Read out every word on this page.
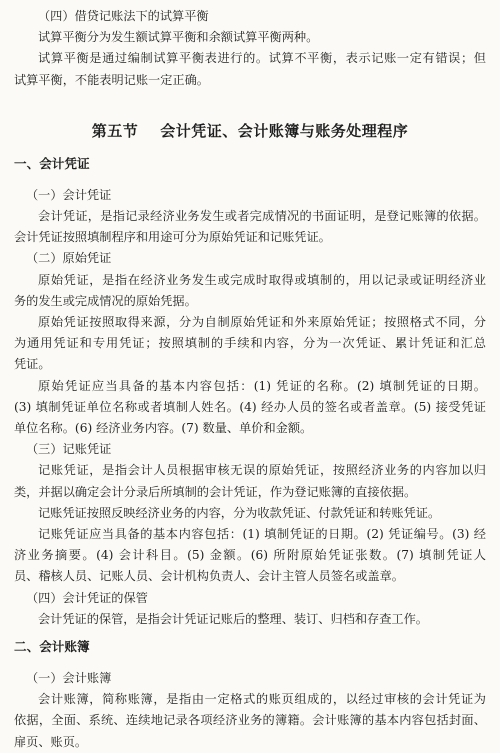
（四）借贷记账法下的试算平衡
试算平衡分为发生额试算平衡和余额试算平衡两种。
试算平衡是通过编制试算平衡表进行的。试算不平衡，表示记账一定有错误；但
试算平衡，不能表明记账一定正确。
第五节 会计凭证、会计账簿与账务处理程序
一、会计凭证
（一）会计凭证
会计凭证，是指记录经济业务发生或者完成情况的书面证明，是登记账簿的依据。
会计凭证按照填制程序和用途可分为原始凭证和记账凭证。
（二）原始凭证
原始凭证，是指在经济业务发生或完成时取得或填制的，用以记录或证明经济业
务的发生或完成情况的原始凭据。
原始凭证按照取得来源，分为自制原始凭证和外来原始凭证；按照格式不同，分
为通用凭证和专用凭证；按照填制的手续和内容，分为一次凭证、累计凭证和汇总
凭证。
原始凭证应当具备的基本内容包括：(1) 凭证的名称。(2) 填制凭证的日期。
(3) 填制凭证单位名称或者填制人姓名。(4) 经办人员的签名或者盖章。(5) 接受凭证
单位名称。(6) 经济业务内容。(7) 数量、单价和金额。
（三）记账凭证
记账凭证，是指会计人员根据审核无误的原始凭证，按照经济业务的内容加以归
类，并据以确定会计分录后所填制的会计凭证，作为登记账簿的直接依据。
记账凭证按照反映经济业务的内容，分为收款凭证、付款凭证和转账凭证。
记账凭证应当具备的基本内容包括：(1) 填制凭证的日期。(2) 凭证编号。(3) 经
济业务摘要。(4) 会计科目。(5) 金额。(6) 所附原始凭证张数。(7) 填制凭证人
员、稽核人员、记账人员、会计机构负责人、会计主管人员签名或盖章。
（四）会计凭证的保管
会计凭证的保管，是指会计凭证记账后的整理、装订、归档和存查工作。
二、会计账簿
（一）会计账簿
会计账簿，简称账簿，是指由一定格式的账页组成的，以经过审核的会计凭证为
依据，全面、系统、连续地记录各项经济业务的簿籍。会计账簿的基本内容包括封面、
扉页、账页。
